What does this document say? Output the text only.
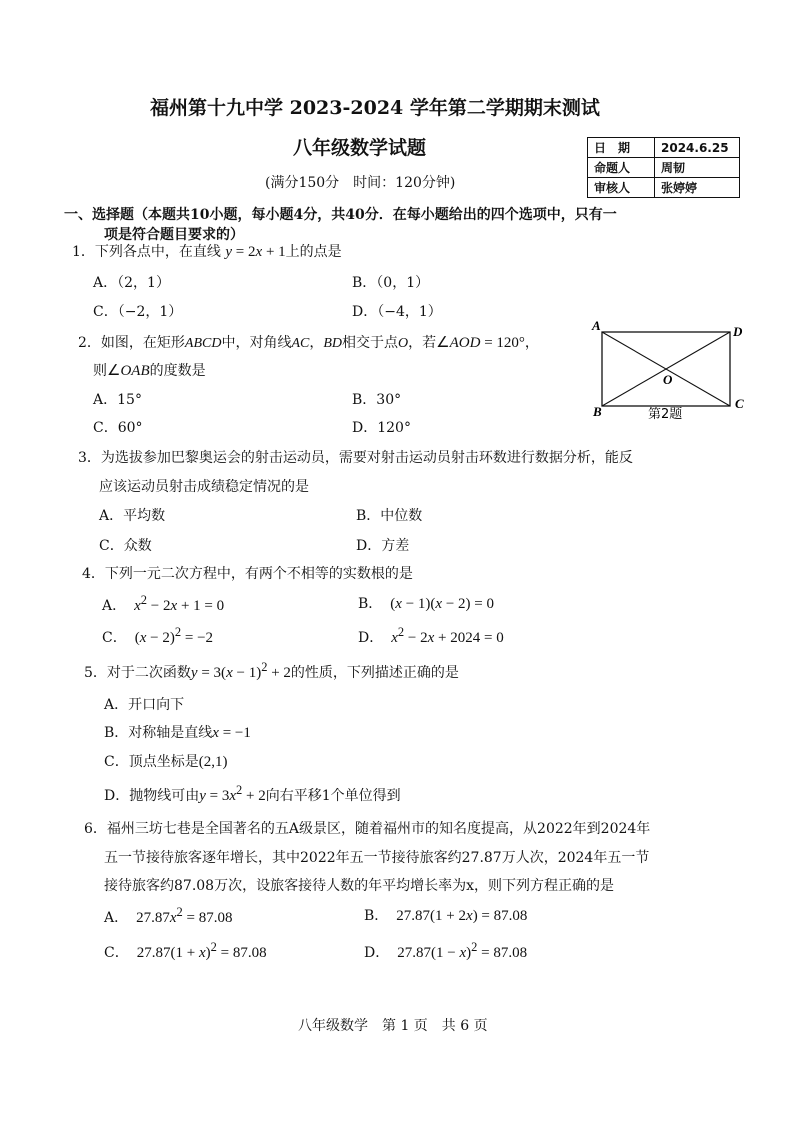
福州第十九中学 2023-2024 学年第二学期期末测试
八年级数学试题
(满分150分　时间：120分钟)
日　期	2024.6.25
命题人	周韧
审核人	张婷婷
一、选择题（本题共10小题，每小题4分，共40分．在每小题给出的四个选项中，只有一
项是符合题目要求的）
1．下列各点中，在直线 y = 2x + 1上的点是
A．（2，1）	B．（0，1）
C．（−2，1）	D．（−4，1）
2．如图，在矩形ABCD中，对角线AC，BD相交于点O，若∠AOD = 120°，
则∠OAB的度数是
A．15°	B．30°
C．60°	D．120°
A	D
O
B
C
第2题
3．为选拔参加巴黎奥运会的射击运动员，需要对射击运动员射击环数进行数据分析，能反
应该运动员射击成绩稳定情况的是
A．平均数	B．中位数
C．众数	D．方差
4．下列一元二次方程中，有两个不相等的实数根的是
A． $x^2 - 2x + 1 = 0$	B． (x − 1)(x − 2) = 0
C． $(x - 2)^2 = -2$	D． $x^2 - 2x + 2024 = 0$
5．对于二次函数$y = 3(x - 1)^2 + 2$的性质，下列描述正确的是
A．开口向下
B．对称轴是直线x = −1
C．顶点坐标是(2,1)
D．抛物线可由$y = 3x^2 + 2$向右平移1个单位得到
6．福州三坊七巷是全国著名的五A级景区，随着福州市的知名度提高，从2022年到2024年
五一节接待旅客逐年增长，其中2022年五一节接待旅客约27.87万人次，2024年五一节
接待旅客约87.08万次，设旅客接待人数的年平均增长率为x，则下列方程正确的是
A． $27.87x^2 = 87.08$	B． 27.87(1 + 2x) = 87.08
C． $27.87(1 + x)^2 = 87.08$	D． $27.87(1 - x)^2 = 87.08$
八年级数学　第 1 页　共 6 页
